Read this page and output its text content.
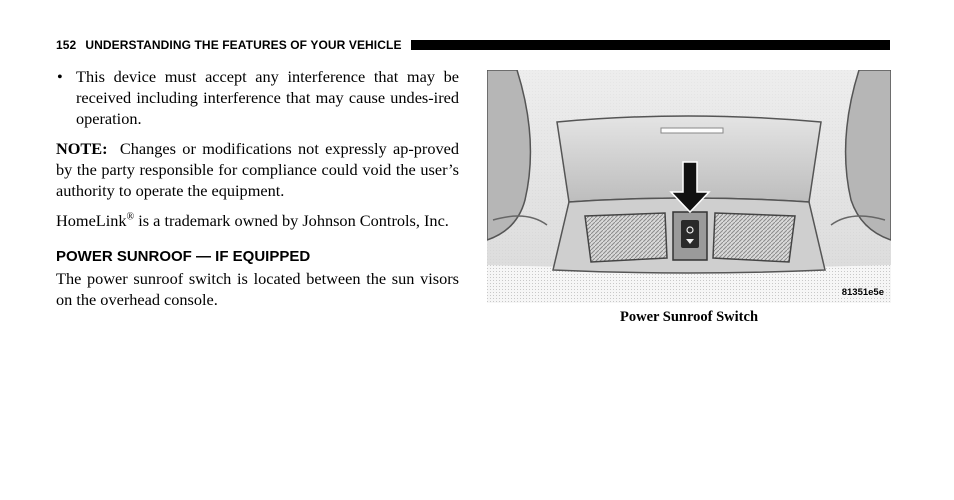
152 UNDERSTANDING THE FEATURES OF YOUR VEHICLE
• This device must accept any interference that may be received including interference that may cause undes-ired operation.

NOTE: Changes or modifications not expressly ap-proved by the party responsible for compliance could void the user’s authority to operate the equipment.

HomeLink® is a trademark owned by Johnson Controls, Inc.

POWER SUNROOF — IF EQUIPPED

The power sunroof switch is located between the sun visors on the overhead console.	81351e5e
Power Sunroof Switch
